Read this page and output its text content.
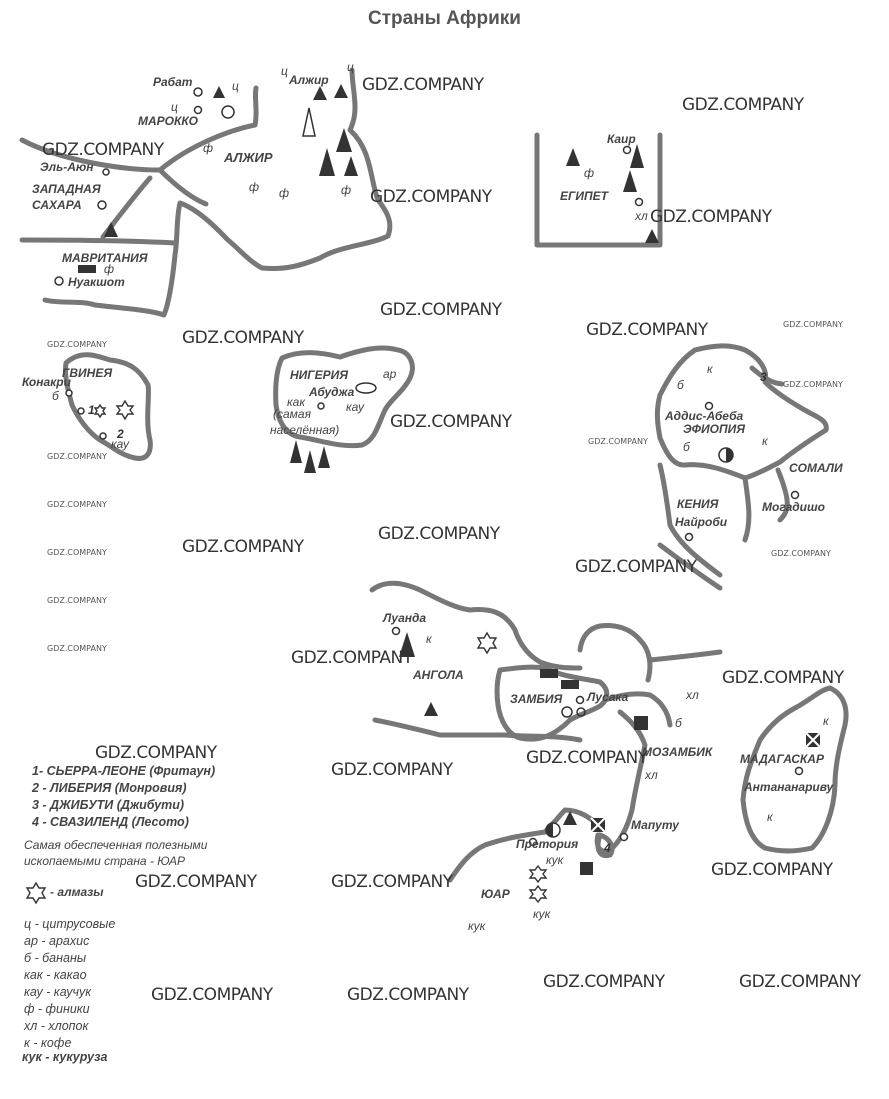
Страны Африки
МАРОККО
АЛЖИР
ЗАПАДНАЯ
САХАРА
МАВРИТАНИЯ
ЕГИПЕТ
ГВИНЕЯ	НИГЕРИЯ
ЭФИОПИЯ
СОМАЛИ
КЕНИЯ
АНГОЛА
ЗАМБИЯ
МОЗАМБИК МАДАГАСКАР
ЮАР
Рабат	Алжир
Эль-Аюн
Нуакшот
Каир
Конакри
Абуджа
Аддис-Абеба
Могадишо
Найроби
Луанда
Лусака
Мапуту
Претория
Антананариву
ц
ц
ц	ц
ф
ф ф	ф
ф
ф
хл
б
кау
ар
кау
как
(самая
населённая)
к
б
б	к
к
хл
б
хл
к
к
кук
кук
кук
1
2
3
4
GDZ.COMPANY
GDZ.COMPANY
GDZ.COMPANY
GDZ.COMPANY
GDZ.COMPANY
GDZ.COMPANY
GDZ.COMPANY
GDZ.COMPANY
GDZ.COMPANY
GDZ.COMPANY
GDZ.COMPANY
GDZ.COMPANY
GDZ.COMPANY
GDZ.COMPANY
GDZ.COMPANY	GDZ.COMPANY
GDZ.COMPANY
GDZ.COMPANY
GDZ.COMPANY	GDZ.COMPANY
GDZ.COMPANY	GDZ.COMPANY
GDZ.COMPANY	GDZ.COMPANY
GDZ.COMPANY
GDZ.COMPANY
GDZ.COMPANY
GDZ.COMPANY
GDZ.COMPANY
GDZ.COMPANY
GDZ.COMPANY
GDZ.COMPANY
GDZ.COMPANY
GDZ.COMPANY
1- СЬЕРРА-ЛЕОНЕ (Фритаун)
2 - ЛИБЕРИЯ (Монровия)
3 - ДЖИБУТИ (Джибути)
4 - СВАЗИЛЕНД (Лесото)
Самая обеспеченная полезными
ископаемыми страна - ЮАР
- алмазы
ц - цитрусовые
ар - арахис
б - бананы
как - какао
кау - каучук
ф - финики
хл - хлопок
к - кофе
кук - кукуруза
